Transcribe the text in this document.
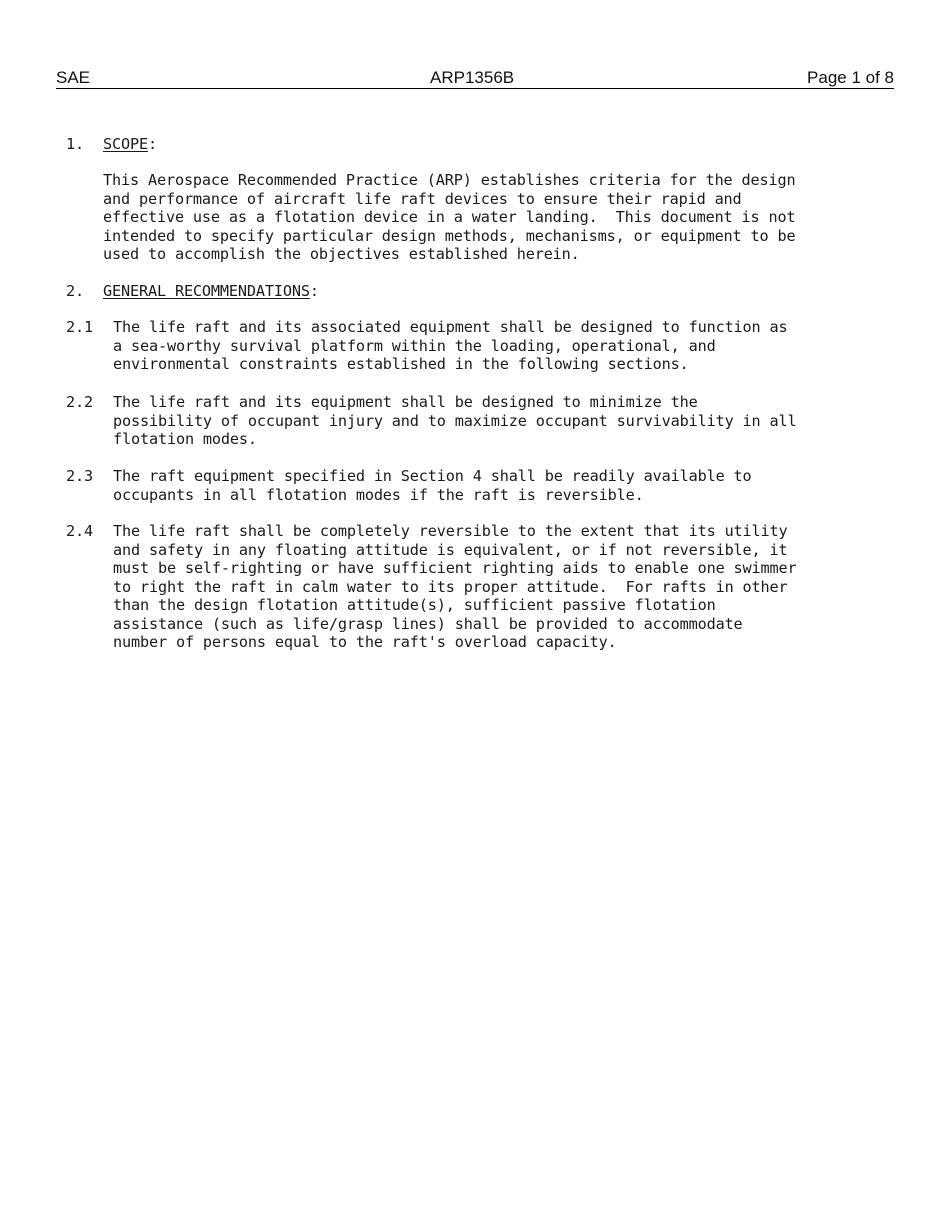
SAE	ARP1356B	Page 1 of 8
1. SCOPE:
This Aerospace Recommended Practice (ARP) establishes criteria for the design
and performance of aircraft life raft devices to ensure their rapid and
effective use as a flotation device in a water landing.  This document is not
intended to specify particular design methods, mechanisms, or equipment to be
used to accomplish the objectives established herein.
2. GENERAL RECOMMENDATIONS:
2.1 The life raft and its associated equipment shall be designed to function as
a sea-worthy survival platform within the loading, operational, and
environmental constraints established in the following sections.
2.2 The life raft and its equipment shall be designed to minimize the
possibility of occupant injury and to maximize occupant survivability in all
flotation modes.
2.3 The raft equipment specified in Section 4 shall be readily available to
occupants in all flotation modes if the raft is reversible.
2.4 The life raft shall be completely reversible to the extent that its utility
and safety in any floating attitude is equivalent, or if not reversible, it
must be self-righting or have sufficient righting aids to enable one swimmer
to right the raft in calm water to its proper attitude.  For rafts in other
than the design flotation attitude(s), sufficient passive flotation
assistance (such as life/grasp lines) shall be provided to accommodate
number of persons equal to the raft's overload capacity.
